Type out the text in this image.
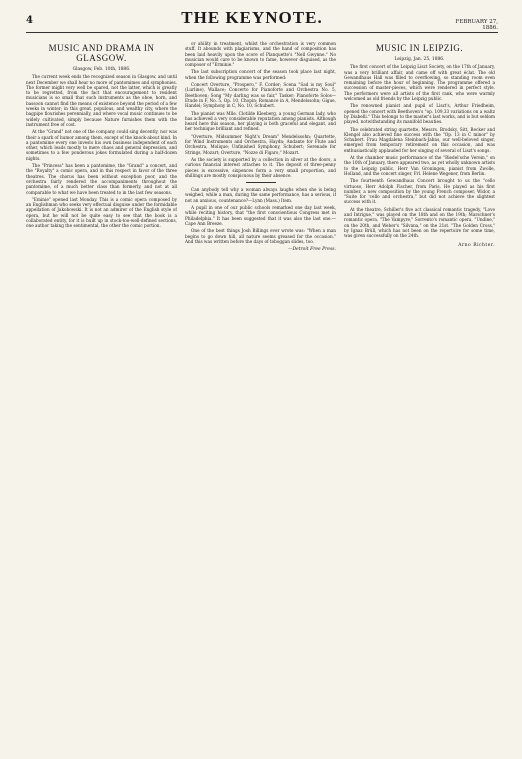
4	THE KEYNOTE.	FEBRUARY 27, 1886.
MUSIC AND DRAMA IN
GLASGOW.
Glasgow, Feb. 10th, 1886.

The current week ends the recognized season in Glasgow, and until next December we shall hear no more of pantomimes and symphonies. The former might very well be spared, not the latter, which is greatly to be regretted, from the fact that encouragement to resident musicians is so small that such instruments as the oboe, horn, and bassoon cannot find the means of existence beyond the period of a few weeks in winter; in this great, populous, and wealthy city, where the bagpipe flourishes perennially, and where vocal music continues to be widely cultivated, simply because Nature furnishes them with the instrument free of cost.

At the "Grand" not one of the company could sing decently, nor was their a spark of humor among them, except of the knock-about kind. In a pantomime every one invests his own business independent of each other, which leads mostly to mere chaos and general depression, and sometimes to a few ponderous jokes formulated during a half-dozen nights.

The "Princess" has been a pantomime, the "Grand" a concert, and the "Royalty" a comic opera, and in this respect in favor of the three theatres. The chorus has been without exception poor, and the orchestra fairly rendered the accompaniments throughout the pantomime, of a much better class than formerly, and not at all comparable to what we have been treated to in the last few seasons.

"Eminie" opened last Monday. This is a comic opera composed by an Englishman who seeks very effectual disguise under the formidable appellation of Jakobowski. It is not an admirer of the English style of opera, but he will not be quite easy to see that the book is a collaborated entity, for it is built up in stock-too-well-defined sections, one author taking the sentimental, the other the comic portion.

or ability in treatment, whilst the orchestration is very common stuff. It abounds with plagiarisms, and the hand of composition has been laid heavily upon the score of Planquette's "Nell Gwynne." No musician would care to be known to fame, however disguised, as the composer of "Erminie."

The last subscription concert of the season took place last night, when the following programme was performed:

Concert Overture, "Prospero," F. Corder; Scena "Sad is my Soul" (Lurline), Wallace; Concerto for Pianoforte and Orchestra No. 5, Beethoven; Song "My darling was so fair," Tasker; Pianoforte Solos—Etude in F, No. 5, Op. 10, Chopin; Romance in A, Mendelssohn; Gigue, Handel; Symphony in C, No. 10, Schubert.

The pianist was Mlle. Clotilde Kleeberg, a young German lady, who has achieved a very considerable reputation among pianists. Although heard here this season, her playing is both graceful and elegant, and her technique brilliant and refined.

"Overture, Midsummer Night's Dream" Mendelssohn; Quartette, for Wind Instruments and Orchestra, Haydn; Andante for Flute and Orchestra, Molique; Unfinished Symphony, Schubert; Serenade for Strings, Mozart; Overture, "Nozze di Figaro," Mozart.

As the society is supported by a collection in silver at the doors, a curious financial interest attaches to it. The deposit of three-penny pieces is excessive, sixpences form a very small proportion, and shillings are mostly conspicuous by their absence.

Can anybody tell why a woman always laughs when she is being weighed, while a man, during the same performance, has a serious, if not an anxious, countenance?—Lynn (Mass.) Item.

A pupil in one of our public schools remarked one day last week, while reciting history, that "the first conscientious Congress met in Philadelphia." It has been suggested that it was also the last one.—Cape Ann Breeze.

One of the best things Josh Billings ever wrote was: "When a man begins to go down hill, all nature seems greased for the occasion." And this was written before the days of toboggan slides, too.

—Detroit Free Press.
MUSIC IN LEIPZIG.
Leipzig, Jan. 25, 1886.

The first concert of the Leipzig Liszt Society, on the 17th of January, was a very brilliant affair, and came off with great éclat. The old Gewandhaus Hall was filled to overflowing, so standing room even remaining before the hour of beginning. The programme offered a succession of master-pieces, which were rendered in perfect style. The performers were all artists of the first rank, who were warmly welcomed as old friends by the Leipzig public.

The renowned pianist and pupil of Liszt's, Arthur Friedheim, opened the concert with Beethoven's "op. 109,33 variations on a waltz by Diabelli." This belongs to the master's last works, and is but seldom played, notwithstanding its manifold beauties.

The celebrated string quartette, Messrs. Brodsky, Sitt, Becker and Klengel also achieved fine success with the "Op. 13 in C minor" by Schubert. Frau Magdalena Steinbach-Jahns, our well-beloved singer, emerged from temporary retirement on this occasion, and was enthusiastically applauded for her singing of several of Liszt's songs.

At the chamber music performance of the "Riedel'sche Verein," on the 10th of January, there appeared two, as yet wholly unknown artists to the Leipzig public, Herr Van Groningen, pianist from Zwolle, Holland, and the concert singer, Frl. Helene Wegener, from Berlin.

The fourteenth Gewandhaus Concert brought to us the "cello virtuoso, Herr Adolph Fischer, from Paris. He played as his first number, a new composition by the young French composer, Widor, a "Suite for 'cello and orchestra," but did not achieve the slightest success with it.

At the theatre, Schiller's five act classical romantic tragedy, "Love and Intrigue," was played on the 18th and on the 19th; Marschner's romantic opera, "The Vampyre," Sorrento's romantic opera, "Undine," on the 20th, and Weber's "Silvana," on the 21st. "The Golden Cross," by Ignaz Brüll, which has not been on the repertoire for some time, was given successfully on the 24th.

Arno Richter.
